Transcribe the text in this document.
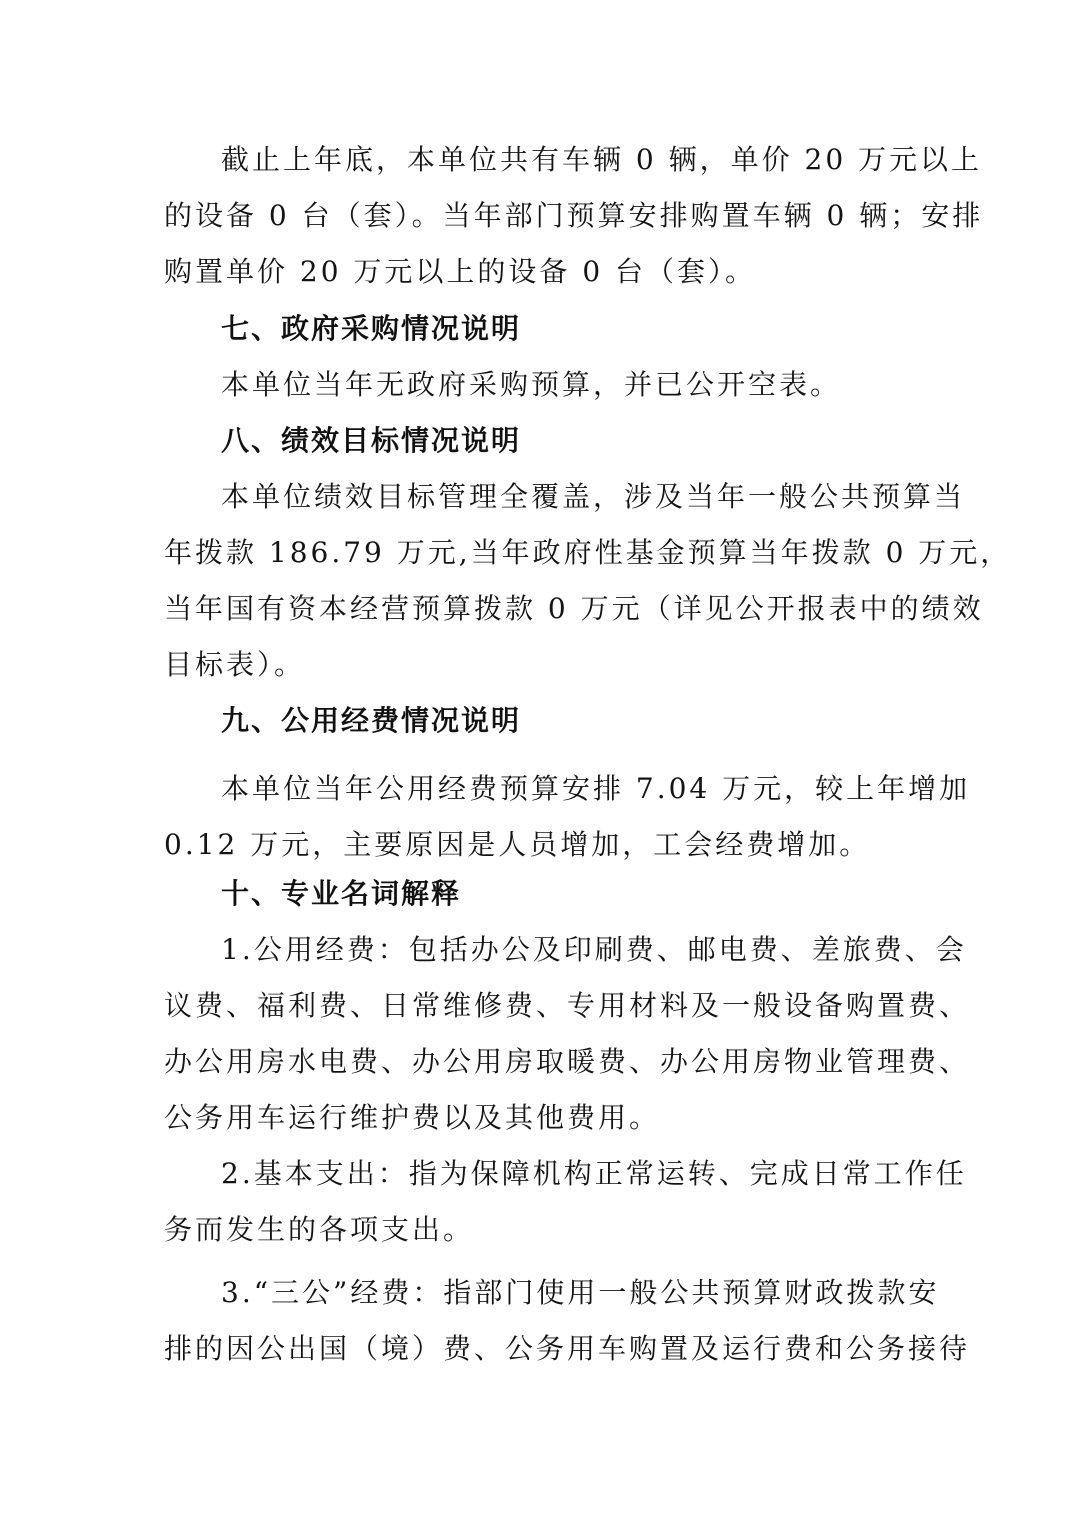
截止上年底，本单位共有车辆 0 辆，单价 20 万元以上
的设备 0 台（套）。当年部门预算安排购置车辆 0 辆；安排
购置单价 20 万元以上的设备 0 台（套）。
七、政府采购情况说明
本单位当年无政府采购预算，并已公开空表。
八、绩效目标情况说明
本单位绩效目标管理全覆盖，涉及当年一般公共预算当
年拨款 186.79 万元,当年政府性基金预算当年拨款 0 万元，
当年国有资本经营预算拨款 0 万元（详见公开报表中的绩效
目标表）。
九、公用经费情况说明
本单位当年公用经费预算安排 7.04 万元，较上年增加
0.12 万元，主要原因是人员增加，工会经费增加。
十、专业名词解释
1.公用经费：包括办公及印刷费、邮电费、差旅费、会
议费、福利费、日常维修费、专用材料及一般设备购置费、
办公用房水电费、办公用房取暖费、办公用房物业管理费、
公务用车运行维护费以及其他费用。
2.基本支出：指为保障机构正常运转、完成日常工作任
务而发生的各项支出。
3.“三公”经费：指部门使用一般公共预算财政拨款安
排的因公出国（境）费、公务用车购置及运行费和公务接待
